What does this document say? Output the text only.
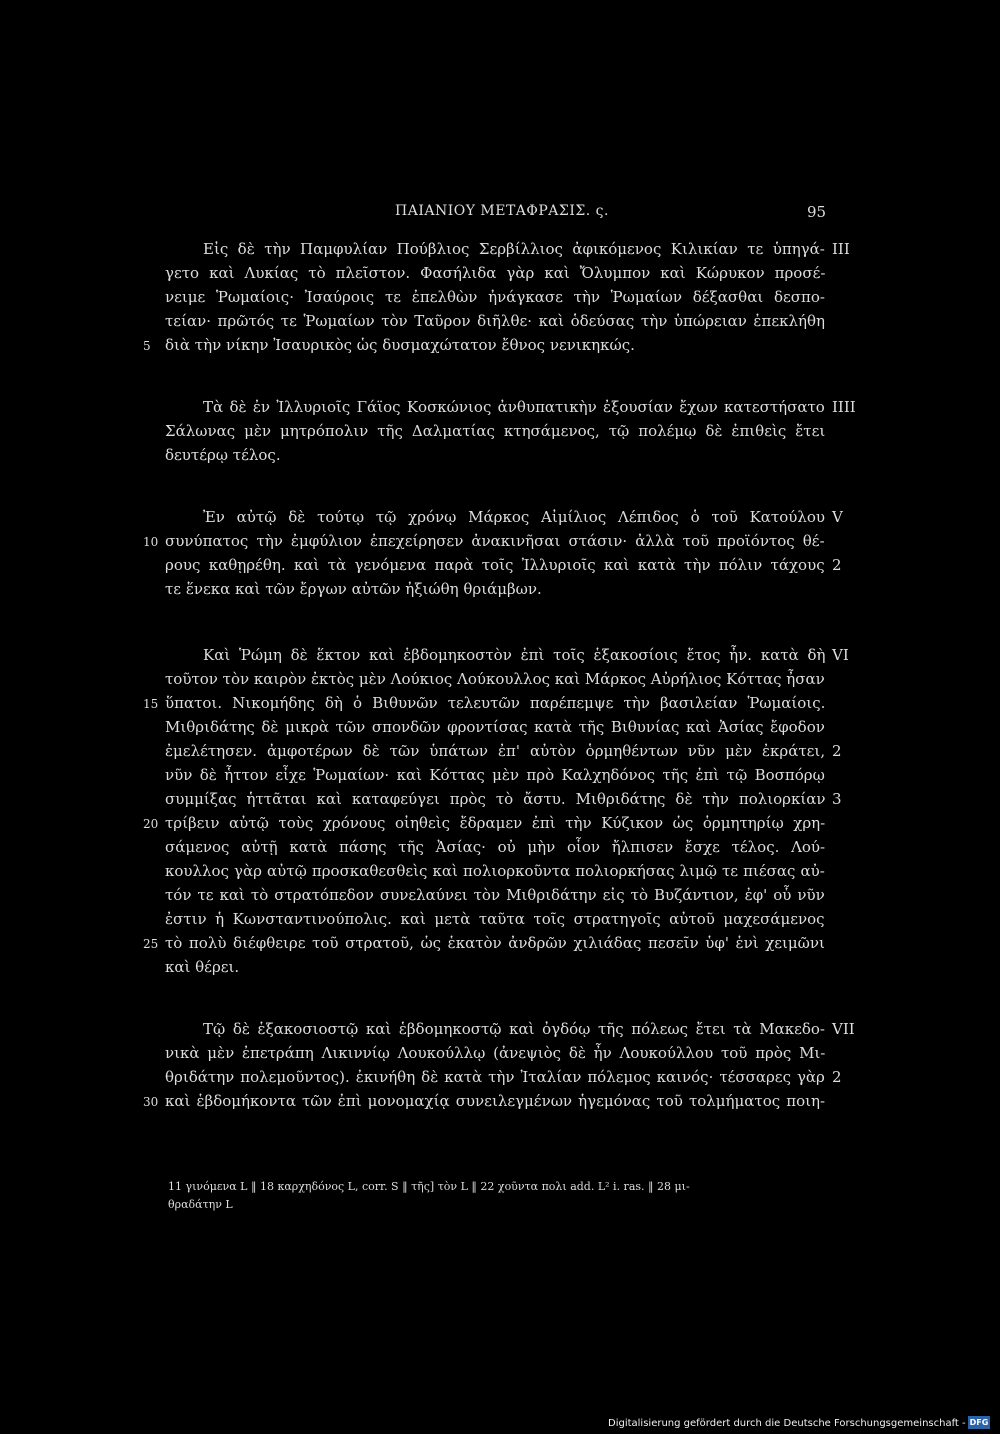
ΠΑΙΑΝΙΟΥ ΜΕΤΑΦΡΑΣΙΣ. ς.	95
Εἰς δὲ τὴν Παμφυλίαν Πούβλιος Σερβίλλιος ἀφικόμενος Κιλικίαν τε ὑπηγά- III
γετο καὶ Λυκίας τὸ πλεῖστον. Φασήλιδα γὰρ καὶ Ὄλυμπον καὶ Κώρυκον προσέ-
νειμε Ῥωμαίοις· Ἰσαύροις τε ἐπελθὼν ἠνάγκασε τὴν Ῥωμαίων δέξασθαι δεσπο-
τείαν· πρῶτός τε Ῥωμαίων τὸν Ταῦρον διῆλθε· καὶ ὁδεύσας τὴν ὑπώρειαν ἐπεκλήθη
διὰ τὴν νίκην Ἰσαυρικὸς ὡς δυσμαχώτατον ἔθνος νενικηκώς.
5
Τὰ δὲ ἐν Ἰλλυριοῖς Γάϊος Κοσκώνιος ἀνθυπατικὴν ἐξουσίαν ἔχων κατεστήσατο IIII
Σάλωνας μὲν μητρόπολιν τῆς Δαλματίας κτησάμενος, τῷ πολέμῳ δὲ ἐπιθεὶς ἔτει
δευτέρῳ τέλος.
Ἐν αὐτῷ δὲ τούτῳ τῷ χρόνῳ Μάρκος Αἰμίλιος Λέπιδος ὁ τοῦ Κατούλου V
συνύπατος τὴν ἐμφύλιον ἐπεχείρησεν ἀνακινῆσαι στάσιν· ἀλλὰ τοῦ προϊόντος θέ-
10
ρους καθῃρέθη. καὶ τὰ γενόμενα παρὰ τοῖς Ἰλλυριοῖς καὶ κατὰ τὴν πόλιν τάχους 2
τε ἕνεκα καὶ τῶν ἔργων αὐτῶν ἠξιώθη θριάμβων.
Καὶ Ῥώμη δὲ ἕκτον καὶ ἑβδομηκοστὸν ἐπὶ τοῖς ἑξακοσίοις ἔτος ἦν. κατὰ δὴ VI
τοῦτον τὸν καιρὸν ἐκτὸς μὲν Λούκιος Λούκουλλος καὶ Μάρκος Αὐρήλιος Κόττας ἦσαν
ὕπατοι. Νικομήδης δὴ ὁ Βιθυνῶν τελευτῶν παρέπεμψε τὴν βασιλείαν Ῥωμαίοις.
15
Μιθριδάτης δὲ μικρὰ τῶν σπονδῶν φροντίσας κατὰ τῆς Βιθυνίας καὶ Ἀσίας ἔφοδον
ἐμελέτησεν. ἀμφοτέρων δὲ τῶν ὑπάτων ἐπ' αὐτὸν ὁρμηθέντων νῦν μὲν ἐκράτει, 2
νῦν δὲ ἧττον εἶχε Ῥωμαίων· καὶ Κόττας μὲν πρὸ Καλχηδόνος τῆς ἐπὶ τῷ Βοσπόρῳ
συμμίξας ἡττᾶται καὶ καταφεύγει πρὸς τὸ ἄστυ. Μιθριδάτης δὲ τὴν πολιορκίαν 3
τρίβειν αὐτῷ τοὺς χρόνους οἰηθεὶς ἔδραμεν ἐπὶ τὴν Κύζικον ὡς ὁρμητηρίῳ χρη-
20
σάμενος αὐτῇ κατὰ πάσης τῆς Ἀσίας· οὐ μὴν οἷον ἤλπισεν ἔσχε τέλος. Λού-
κουλλος γὰρ αὐτῷ προσκαθεσθεὶς καὶ πολιορκοῦντα πολιορκήσας λιμῷ τε πιέσας αὐ-
τόν τε καὶ τὸ στρατόπεδον συνελαύνει τὸν Μιθριδάτην εἰς τὸ Βυζάντιον, ἐφ' οὗ νῦν
ἐστιν ἡ Κωνσταντινούπολις. καὶ μετὰ ταῦτα τοῖς στρατηγοῖς αὐτοῦ μαχεσάμενος
τὸ πολὺ διέφθειρε τοῦ στρατοῦ, ὡς ἑκατὸν ἀνδρῶν χιλιάδας πεσεῖν ὑφ' ἑνὶ χειμῶνι
25
καὶ θέρει.
Τῷ δὲ ἑξακοσιοστῷ καὶ ἑβδομηκοστῷ καὶ ὀγδόῳ τῆς πόλεως ἔτει τὰ Μακεδο- VII
νικὰ μὲν ἐπετράπη Λικιννίῳ Λουκούλλῳ (ἀνεψιὸς δὲ ἦν Λουκούλλου τοῦ πρὸς Μι-
θριδάτην πολεμοῦντος). ἐκινήθη δὲ κατὰ τὴν Ἰταλίαν πόλεμος καινός· τέσσαρες γὰρ 2
καὶ ἑβδομήκοντα τῶν ἐπὶ μονομαχίᾳ συνειλεγμένων ἡγεμόνας τοῦ τολμήματος ποιη-
30
11 γινόμενα L ‖ 18 καρχηδόνος L, corr. S ‖ τῆς] τὸν L ‖ 22 χοῦντα πολι add. L² i. ras. ‖ 28 μι-
θραδάτην L
Digitalisierung gefördert durch die Deutsche Forschungsgemeinschaft - DFG
